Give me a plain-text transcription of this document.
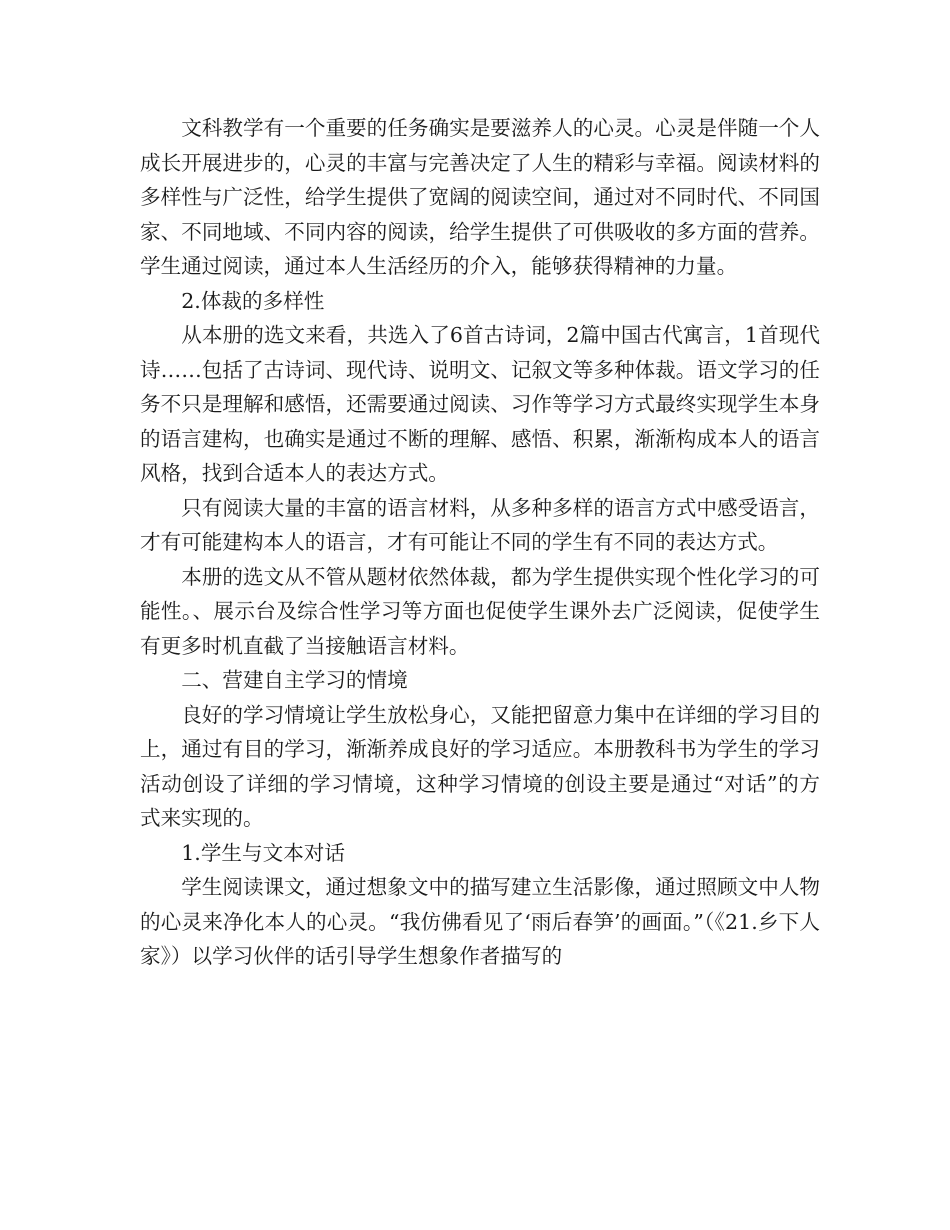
文科教学有一个重要的任务确实是要滋养人的心灵。心灵是伴随一个人成长开展进步的，心灵的丰富与完善决定了人生的精彩与幸福。阅读材料的多样性与广泛性，给学生提供了宽阔的阅读空间，通过对不同时代、不同国家、不同地域、不同内容的阅读，给学生提供了可供吸收的多方面的营养。学生通过阅读，通过本人生活经历的介入，能够获得精神的力量。

2.体裁的多样性

从本册的选文来看，共选入了6首古诗词，2篇中国古代寓言，1首现代诗……包括了古诗词、现代诗、说明文、记叙文等多种体裁。语文学习的任务不只是理解和感悟，还需要通过阅读、习作等学习方式最终实现学生本身的语言建构，也确实是通过不断的理解、感悟、积累，渐渐构成本人的语言风格，找到合适本人的表达方式。

只有阅读大量的丰富的语言材料，从多种多样的语言方式中感受语言，才有可能建构本人的语言，才有可能让不同的学生有不同的表达方式。

本册的选文从不管从题材依然体裁，都为学生提供实现个性化学习的可能性。、展示台及综合性学习等方面也促使学生课外去广泛阅读，促使学生有更多时机直截了当接触语言材料。

二、营建自主学习的情境

良好的学习情境让学生放松身心，又能把留意力集中在详细的学习目的上，通过有目的学习，渐渐养成良好的学习适应。本册教科书为学生的学习活动创设了详细的学习情境，这种学习情境的创设主要是通过“对话”的方式来实现的。

1.学生与文本对话

学生阅读课文，通过想象文中的描写建立生活影像，通过照顾文中人物的心灵来净化本人的心灵。“我仿佛看见了‘雨后春笋’的画面。”（《21.乡下人家》）以学习伙伴的话引导学生想象作者描写的
